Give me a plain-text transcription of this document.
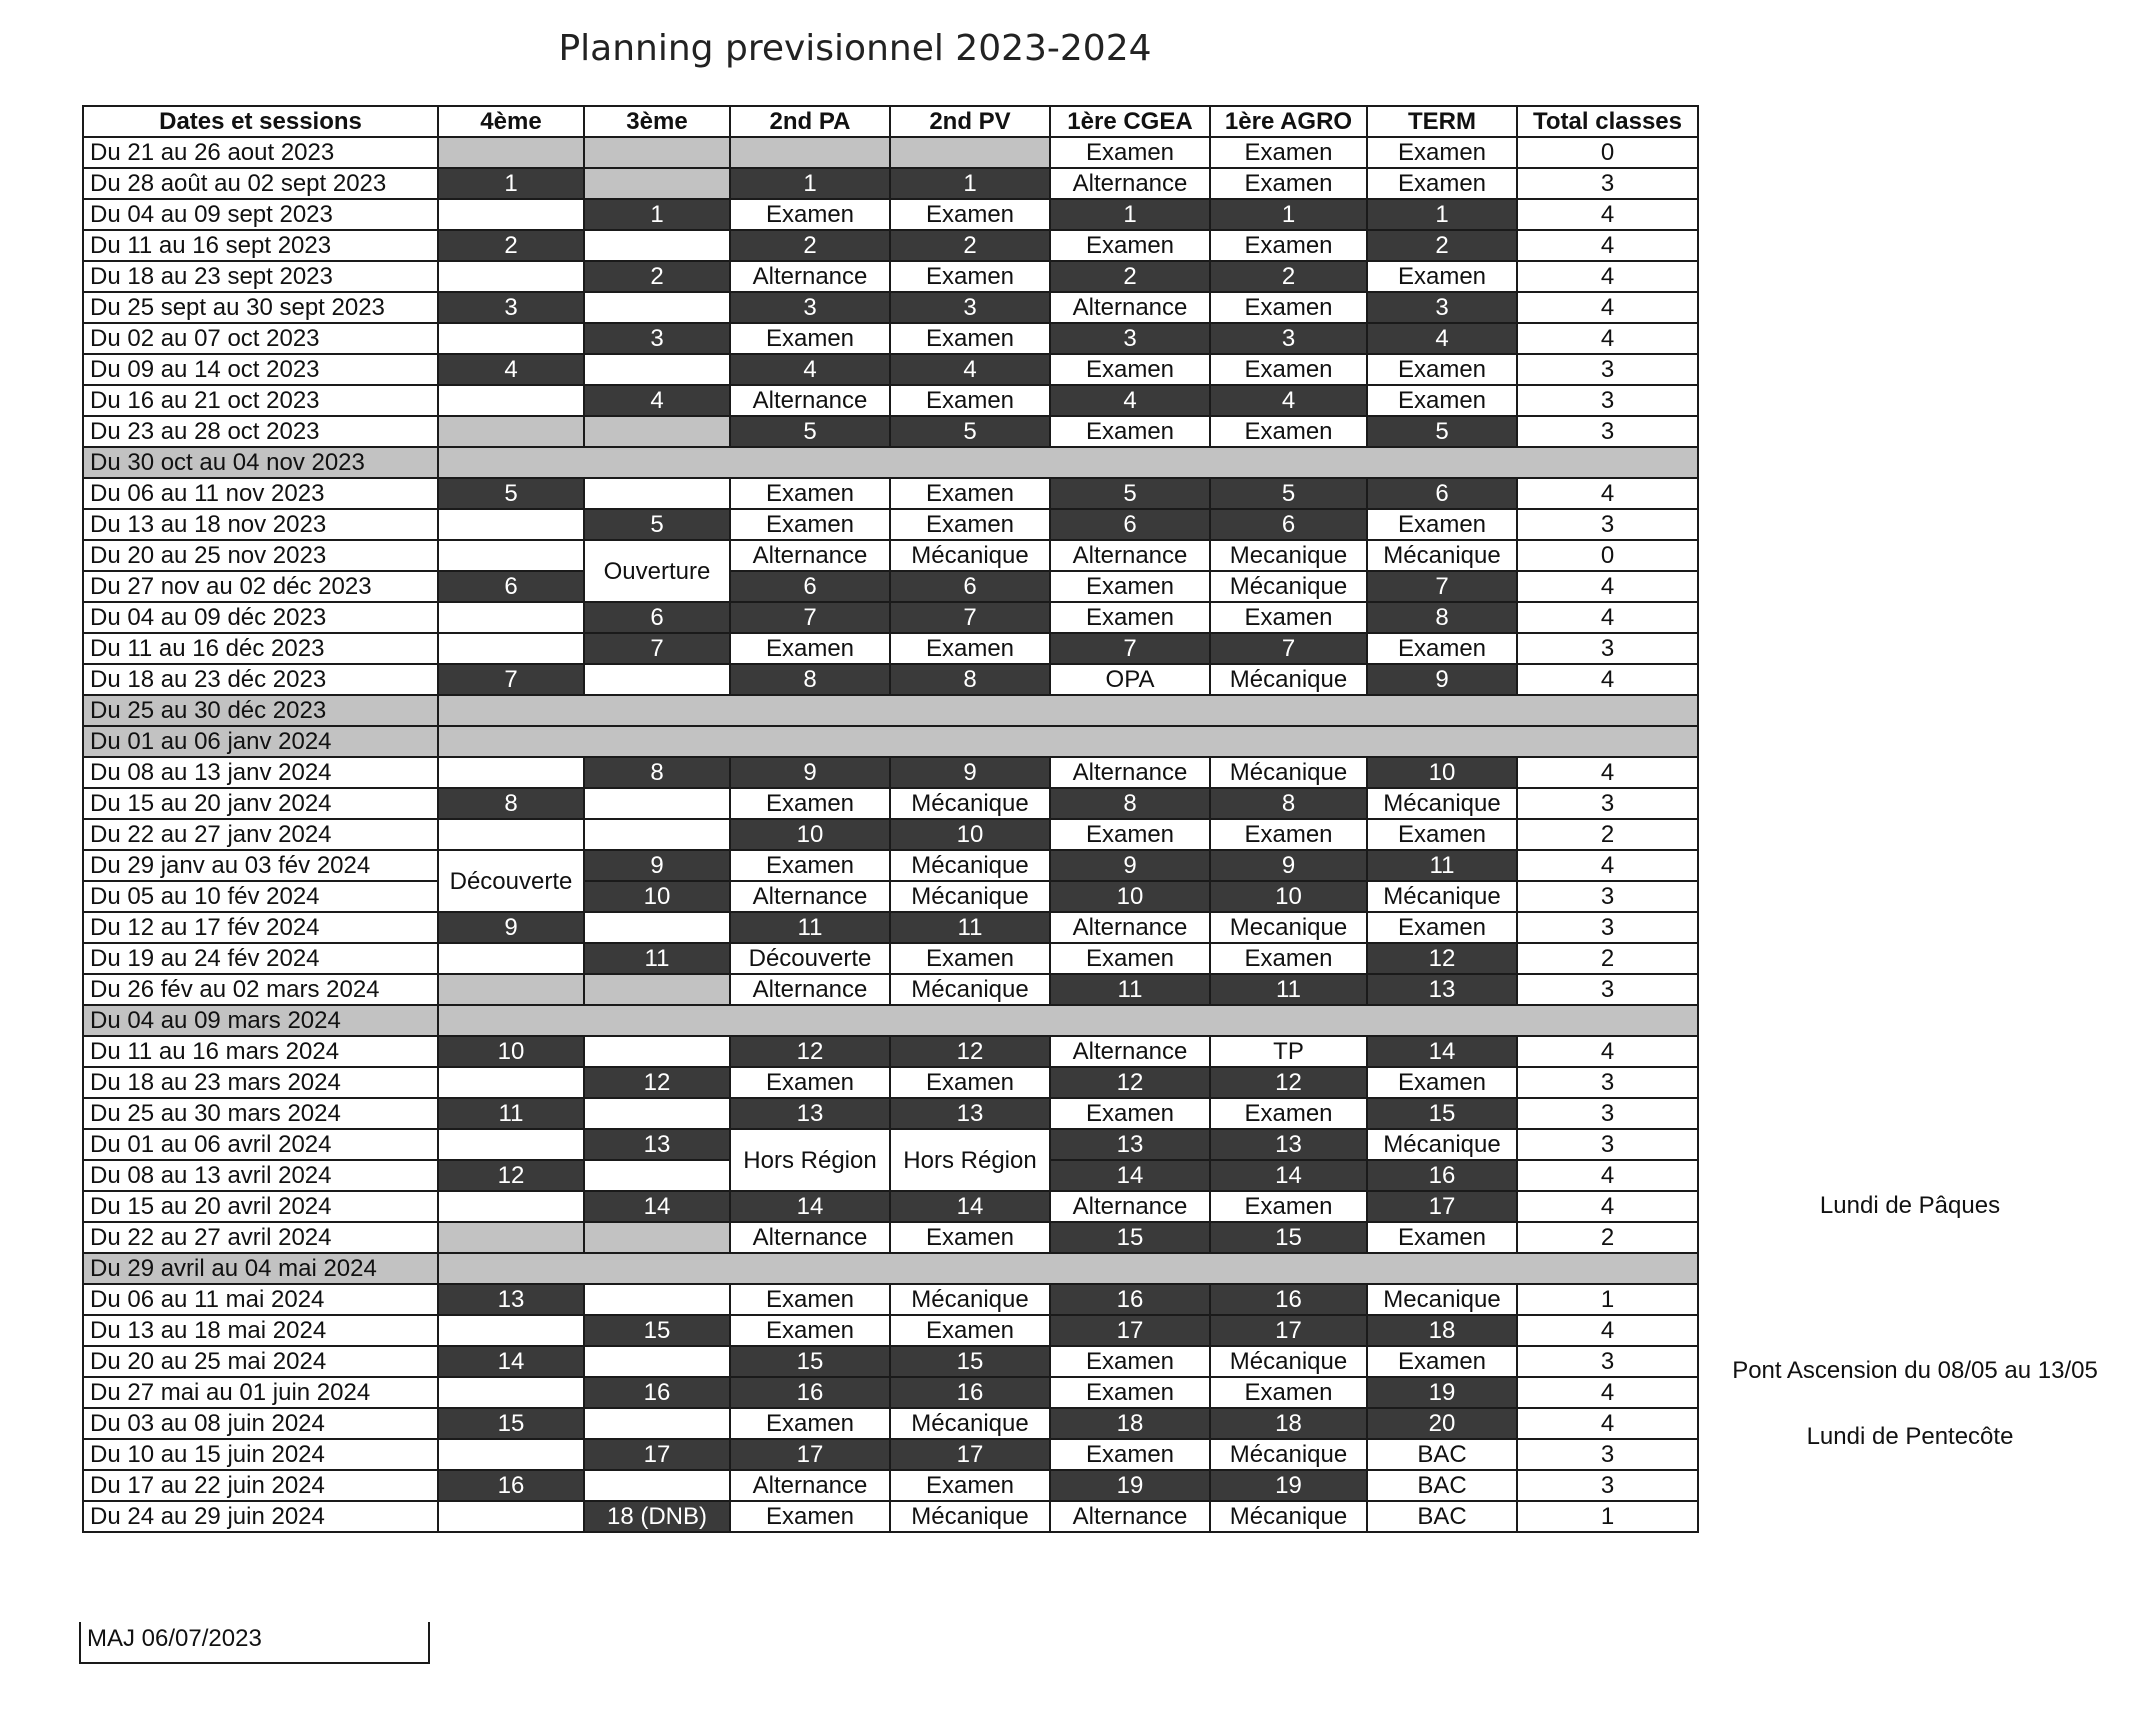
Planning previsionnel 2023-2024
Dates et sessions	4ème	3ème	2nd PA	2nd PV	1ère CGEA	1ère AGRO	TERM	Total classes
Du 21 au 26 aout 2023					Examen	Examen	Examen	0
Du 28 août au 02 sept 2023	1		1	1	Alternance	Examen	Examen	3
Du 04 au 09 sept 2023		1	Examen	Examen	1	1	1	4
Du 11 au 16 sept 2023	2		2	2	Examen	Examen	2	4
Du 18 au 23 sept 2023		2	Alternance	Examen	2	2	Examen	4
Du 25 sept au 30 sept 2023	3		3	3	Alternance	Examen	3	4
Du 02 au 07 oct 2023		3	Examen	Examen	3	3	4	4
Du 09 au 14 oct 2023	4		4	4	Examen	Examen	Examen	3
Du 16 au 21 oct 2023		4	Alternance	Examen	4	4	Examen	3
Du 23 au 28 oct 2023			5	5	Examen	Examen	5	3
Du 30 oct au 04 nov 2023								
Du 06 au 11 nov 2023	5		Examen	Examen	5	5	6	4
Du 13 au 18 nov 2023		5	Examen	Examen	6	6	Examen	3
Du 20 au 25 nov 2023		Ouverture	Alternance	Mécanique	Alternance	Mecanique	Mécanique	0
Du 27 nov au 02 déc 2023	6		6	6	Examen	Mécanique	7	4
Du 04 au 09 déc 2023		6	7	7	Examen	Examen	8	4
Du 11 au 16 déc 2023		7	Examen	Examen	7	7	Examen	3
Du 18 au 23 déc 2023	7		8	8	OPA	Mécanique	9	4
Du 25 au 30 déc 2023								
Du 01 au 06 janv 2024								
Du 08 au 13 janv 2024		8	9	9	Alternance	Mécanique	10	4
Du 15 au 20 janv 2024	8		Examen	Mécanique	8	8	Mécanique	3
Du 22 au 27 janv 2024			10	10	Examen	Examen	Examen	2
Du 29 janv au 03 fév 2024	Découverte	9	Examen	Mécanique	9	9	11	4
Du 05 au 10 fév 2024		10	Alternance	Mécanique	10	10	Mécanique	3
Du 12 au 17 fév 2024	9		11	11	Alternance	Mecanique	Examen	3
Du 19 au 24 fév 2024		11	Découverte	Examen	Examen	Examen	12	2
Du 26 fév au 02 mars 2024			Alternance	Mécanique	11	11	13	3
Du 04 au 09 mars 2024								
Du 11 au 16 mars 2024	10		12	12	Alternance	TP	14	4
Du 18 au 23 mars 2024		12	Examen	Examen	12	12	Examen	3
Du 25 au 30 mars 2024	11		13	13	Examen	Examen	15	3
Du 01 au 06 avril 2024		13	Hors Région	Hors Région	13	13	Mécanique	3
Du 08 au 13 avril 2024	12				14	14	16	4
Du 15 au 20 avril 2024		14	14	14	Alternance	Examen	17	4
Du 22 au 27 avril 2024			Alternance	Examen	15	15	Examen	2
Du 29 avril au 04 mai 2024								
Du 06 au 11 mai 2024	13		Examen	Mécanique	16	16	Mecanique	1
Du 13 au 18 mai 2024		15	Examen	Examen	17	17	18	4
Du 20 au 25 mai 2024	14		15	15	Examen	Mécanique	Examen	3
Du 27 mai au 01 juin 2024		16	16	16	Examen	Examen	19	4
Du 03 au 08 juin 2024	15		Examen	Mécanique	18	18	20	4
Du 10 au 15 juin 2024		17	17	17	Examen	Mécanique	BAC	3
Du 17 au 22 juin 2024	16		Alternance	Examen	19	19	BAC	3
Du 24 au 29 juin 2024		18 (DNB)	Examen	Mécanique	Alternance	Mécanique	BAC	1
MAJ 06/07/2023
Lundi de Pâques
Pont Ascension du 08/05 au 13/05
Lundi de Pentecôte
